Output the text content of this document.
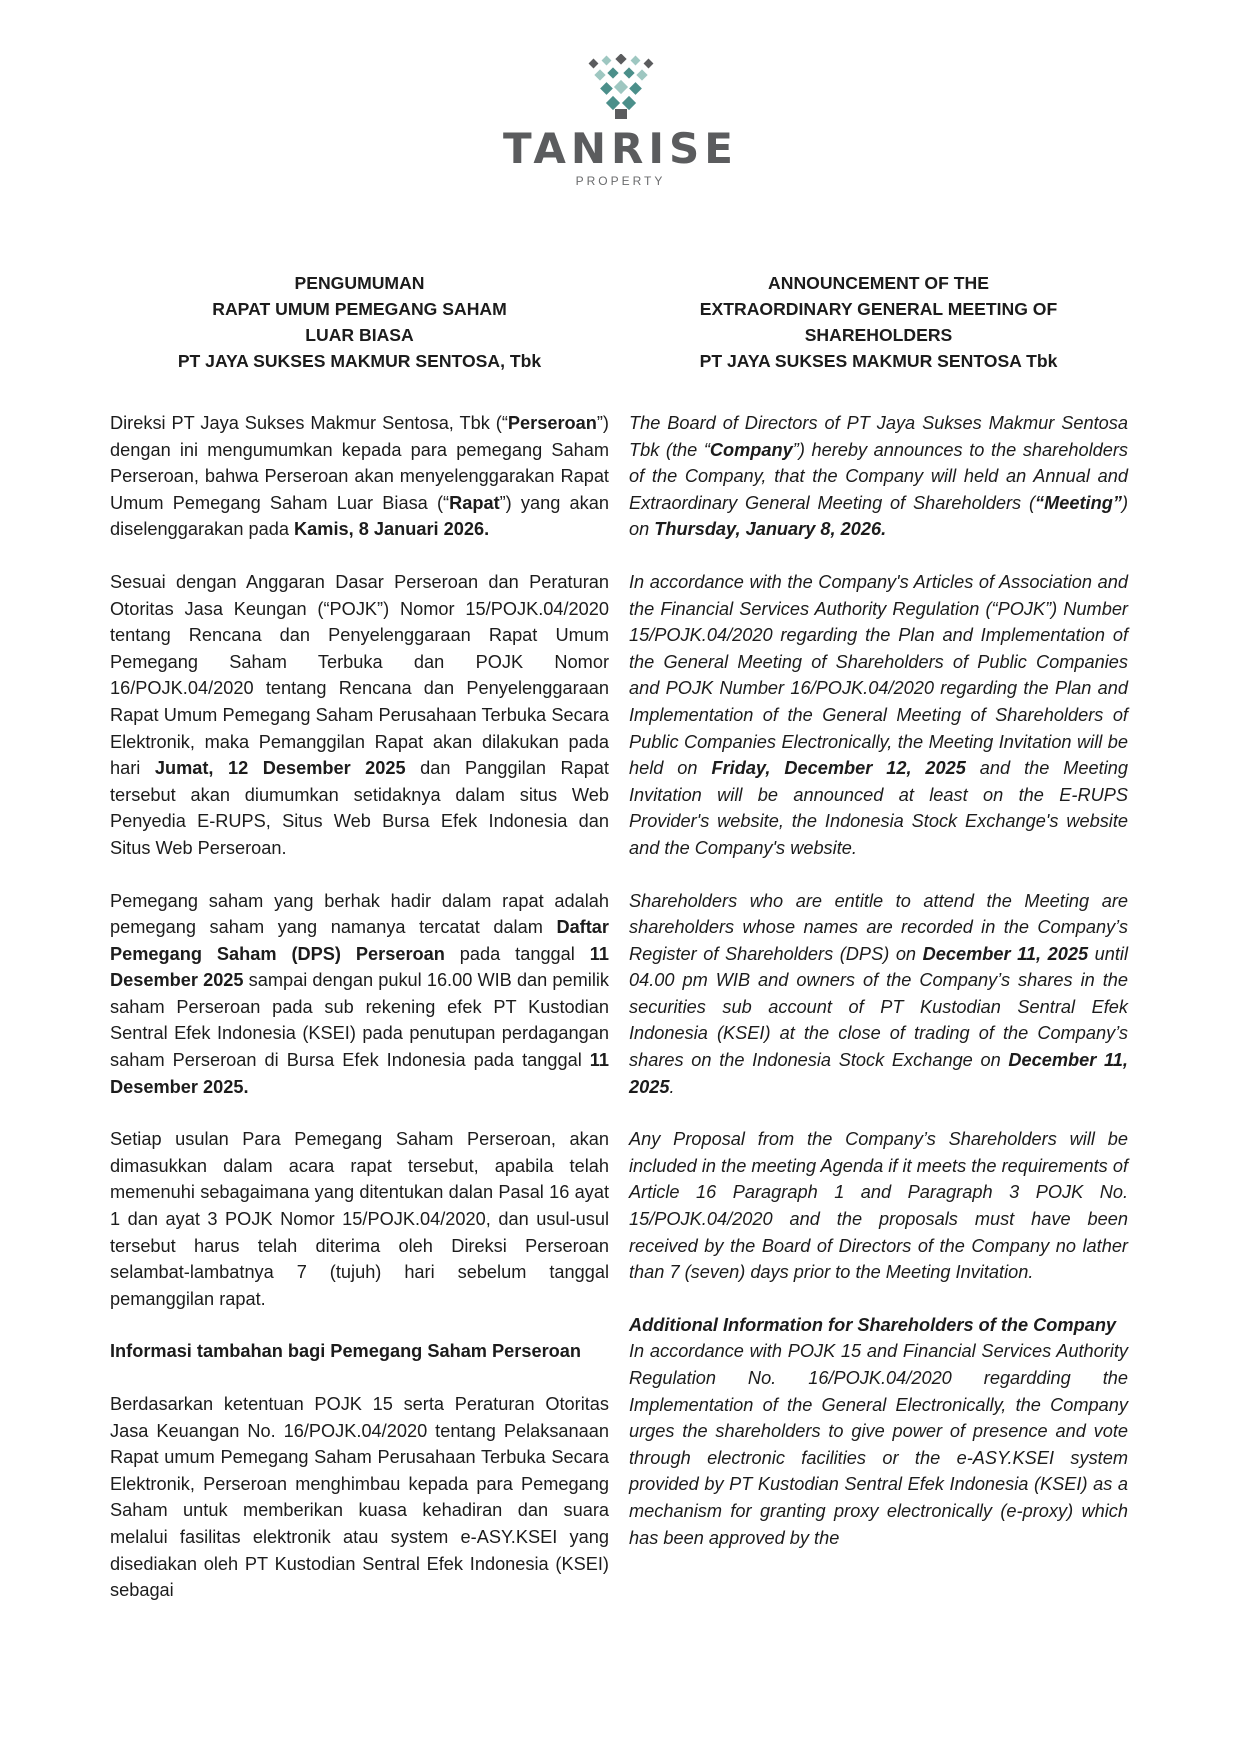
TANRISE
PROPERTY
PENGUMUMAN
RAPAT UMUM PEMEGANG SAHAM
LUAR BIASA
PT JAYA SUKSES MAKMUR SENTOSA, Tbk

Direksi PT Jaya Sukses Makmur Sentosa, Tbk (“Perseroan”) dengan ini mengumumkan kepada para pemegang Saham Perseroan, bahwa Perseroan akan menyelenggarakan Rapat Umum Pemegang Saham Luar Biasa (“Rapat”) yang akan diselenggarakan pada Kamis, 8 Januari 2026.

Sesuai dengan Anggaran Dasar Perseroan dan Peraturan Otoritas Jasa Keungan (“POJK”) Nomor 15/POJK.04/2020 tentang Rencana dan Penyelenggaraan Rapat Umum Pemegang Saham Terbuka dan POJK Nomor 16/POJK.04/2020 tentang Rencana dan Penyelenggaraan Rapat Umum Pemegang Saham Perusahaan Terbuka Secara Elektronik, maka Pemanggilan Rapat akan dilakukan pada hari Jumat, 12 Desember 2025 dan Panggilan Rapat tersebut akan diumumkan setidaknya dalam situs Web Penyedia E-RUPS, Situs Web Bursa Efek Indonesia dan Situs Web Perseroan.

Pemegang saham yang berhak hadir dalam rapat adalah pemegang saham yang namanya tercatat dalam Daftar Pemegang Saham (DPS) Perseroan pada tanggal 11 Desember 2025 sampai dengan pukul 16.00 WIB dan pemilik saham Perseroan pada sub rekening efek PT Kustodian Sentral Efek Indonesia (KSEI) pada penutupan perdagangan saham Perseroan di Bursa Efek Indonesia pada tanggal 11 Desember 2025.

Setiap usulan Para Pemegang Saham Perseroan, akan dimasukkan dalam acara rapat tersebut, apabila telah memenuhi sebagaimana yang ditentukan dalan Pasal 16 ayat 1 dan ayat 3 POJK Nomor 15/POJK.04/2020, dan usul-usul tersebut harus telah diterima oleh Direksi Perseroan selambat-lambatnya 7 (tujuh) hari sebelum tanggal pemanggilan rapat.

Informasi tambahan bagi Pemegang Saham Perseroan

Berdasarkan ketentuan POJK 15 serta Peraturan Otoritas Jasa Keuangan No. 16/POJK.04/2020 tentang Pelaksanaan Rapat umum Pemegang Saham Perusahaan Terbuka Secara Elektronik, Perseroan menghimbau kepada para Pemegang Saham untuk memberikan kuasa kehadiran dan suara melalui fasilitas elektronik atau system e-ASY.KSEI yang disediakan oleh PT Kustodian Sentral Efek Indonesia (KSEI) sebagai

ANNOUNCEMENT OF THE
EXTRAORDINARY GENERAL MEETING OF
SHAREHOLDERS
PT JAYA SUKSES MAKMUR SENTOSA Tbk

The Board of Directors of PT Jaya Sukses Makmur Sentosa Tbk (the “Company”) hereby announces to the shareholders of the Company, that the Company will held an Annual and Extraordinary General Meeting of Shareholders (“Meeting”) on Thursday, January 8, 2026.

In accordance with the Company's Articles of Association and the Financial Services Authority Regulation (“POJK”) Number 15/POJK.04/2020 regarding the Plan and Implementation of the General Meeting of Shareholders of Public Companies and POJK Number 16/POJK.04/2020 regarding the Plan and Implementation of the General Meeting of Shareholders of Public Companies Electronically, the Meeting Invitation will be held on Friday, December 12, 2025 and the Meeting Invitation will be announced at least on the E-RUPS Provider's website, the Indonesia Stock Exchange's website and the Company's website.

Shareholders who are entitle to attend the Meeting are shareholders whose names are recorded in the Company’s Register of Shareholders (DPS) on December 11, 2025 until 04.00 pm WIB and owners of the Company’s shares in the securities sub account of PT Kustodian Sentral Efek Indonesia (KSEI) at the close of trading of the Company’s shares on the Indonesia Stock Exchange on December 11, 2025.

Any Proposal from the Company’s Shareholders will be included in the meeting Agenda if it meets the requirements of Article 16 Paragraph 1 and Paragraph 3 POJK No. 15/POJK.04/2020 and the proposals must have been received by the Board of Directors of the Company no lather than 7 (seven) days prior to the Meeting Invitation.

Additional Information for Shareholders of the Company

In accordance with POJK 15 and Financial Services Authority Regulation No. 16/POJK.04/2020 regardding the Implementation of the General Electronically, the Company urges the shareholders to give power of presence and vote through electronic facilities or the e-ASY.KSEI system provided by PT Kustodian Sentral Efek Indonesia (KSEI) as a mechanism for granting proxy electronically (e-proxy) which has been approved by the
